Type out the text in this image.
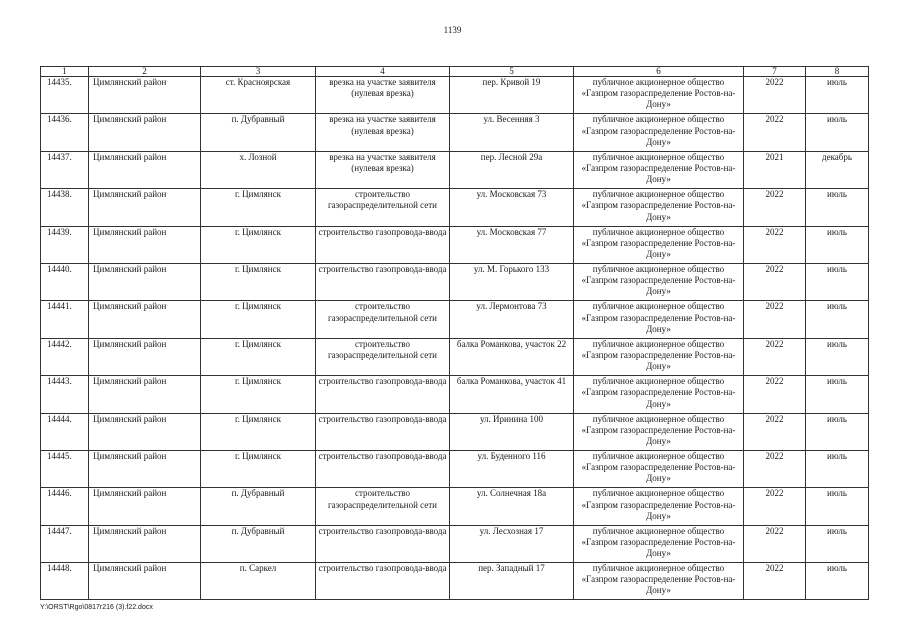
1139
1	2	3	4	5	6	7	8
14435.	Цимлянский район	ст. Красноярская	врезка на участке заявителя (нулевая врезка)	пер. Кривой 19	публичное акционерное общество «Газпром газораспределение Ростов-на-Дону»	2022	июль
14436.	Цимлянский район	п. Дубравный	врезка на участке заявителя (нулевая врезка)	ул. Весенняя 3	публичное акционерное общество «Газпром газораспределение Ростов-на-Дону»	2022	июль
14437.	Цимлянский район	х. Лозной	врезка на участке заявителя (нулевая врезка)	пер. Лесной 29а	публичное акционерное общество «Газпром газораспределение Ростов-на-Дону»	2021	декабрь
14438.	Цимлянский район	г. Цимлянск	строительство газораспределительной сети	ул. Московская 73	публичное акционерное общество «Газпром газораспределение Ростов-на-Дону»	2022	июль
14439.	Цимлянский район	г. Цимлянск	строительство газопровода-ввода	ул. Московская 77	публичное акционерное общество «Газпром газораспределение Ростов-на-Дону»	2022	июль
14440.	Цимлянский район	г. Цимлянск	строительство газопровода-ввода	ул. М. Горького 133	публичное акционерное общество «Газпром газораспределение Ростов-на-Дону»	2022	июль
14441.	Цимлянский район	г. Цимлянск	строительство газораспределительной сети	ул. Лермонтова 73	публичное акционерное общество «Газпром газораспределение Ростов-на-Дону»	2022	июль
14442.	Цимлянский район	г. Цимлянск	строительство газораспределительной сети	балка Романкова, участок 22	публичное акционерное общество «Газпром газораспределение Ростов-на-Дону»	2022	июль
14443.	Цимлянский район	г. Цимлянск	строительство газопровода-ввода	балка Романкова, участок 41	публичное акционерное общество «Газпром газораспределение Ростов-на-Дону»	2022	июль
14444.	Цимлянский район	г. Цимлянск	строительство газопровода-ввода	ул. Иринина 100	публичное акционерное общество «Газпром газораспределение Ростов-на-Дону»	2022	июль
14445.	Цимлянский район	г. Цимлянск	строительство газопровода-ввода	ул. Буденного 116	публичное акционерное общество «Газпром газораспределение Ростов-на-Дону»	2022	июль
14446.	Цимлянский район	п. Дубравный	строительство газораспределительной сети	ул. Солнечная 18а	публичное акционерное общество «Газпром газораспределение Ростов-на-Дону»	2022	июль
14447.	Цимлянский район	п. Дубравный	строительство газопровода-ввода	ул. Лесхозная 17	публичное акционерное общество «Газпром газораспределение Ростов-на-Дону»	2022	июль
14448.	Цимлянский район	п. Саркел	строительство газопровода-ввода	пер. Западный 17	публичное акционерное общество «Газпром газораспределение Ростов-на-Дону»	2022	июль
Y:\ORST\Rgo\0817r216 (3).f22.docx
